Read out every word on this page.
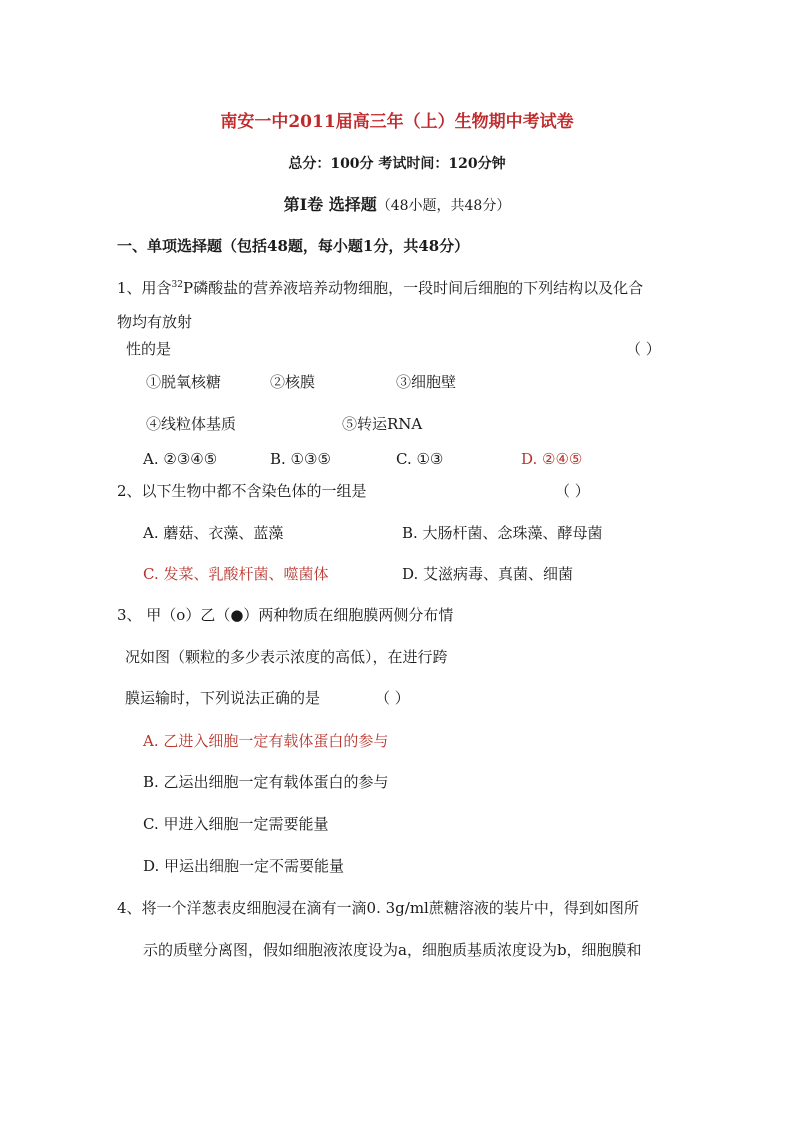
南安一中2011届高三年（上）生物期中考试卷
总分：100分 考试时间：120分钟
第Ⅰ卷 选择题（48小题，共48分）
一、单项选择题（包括48题，每小题1分，共48分）
1、用含$^{32}$P磷酸盐的营养液培养动物细胞，一段时间后细胞的下列结构以及化合
物均有放射
性的是	（ ）
①脱氧核糖	②核膜	③细胞壁
④线粒体基质	⑤转运RNA
A. ②③④⑤	B. ①③⑤	C. ①③	D. ②④⑤
2、以下生物中都不含染色体的一组是	（ ）
A. 蘑菇、衣藻、蓝藻	B. 大肠杆菌、念珠藻、酵母菌
C. 发菜、乳酸杆菌、噬菌体	D. 艾滋病毒、真菌、细菌
3、 甲（o）乙（●）两种物质在细胞膜两侧分布情
况如图（颗粒的多少表示浓度的高低），在进行跨
膜运输时，下列说法正确的是	（ ）
A. 乙进入细胞一定有载体蛋白的参与
B. 乙运出细胞一定有载体蛋白的参与
C. 甲进入细胞一定需要能量
D. 甲运出细胞一定不需要能量
4、将一个洋葱表皮细胞浸在滴有一滴0. 3g/ml蔗糖溶液的装片中，得到如图所
示的质壁分离图，假如细胞液浓度设为a，细胞质基质浓度设为b，细胞膜和
